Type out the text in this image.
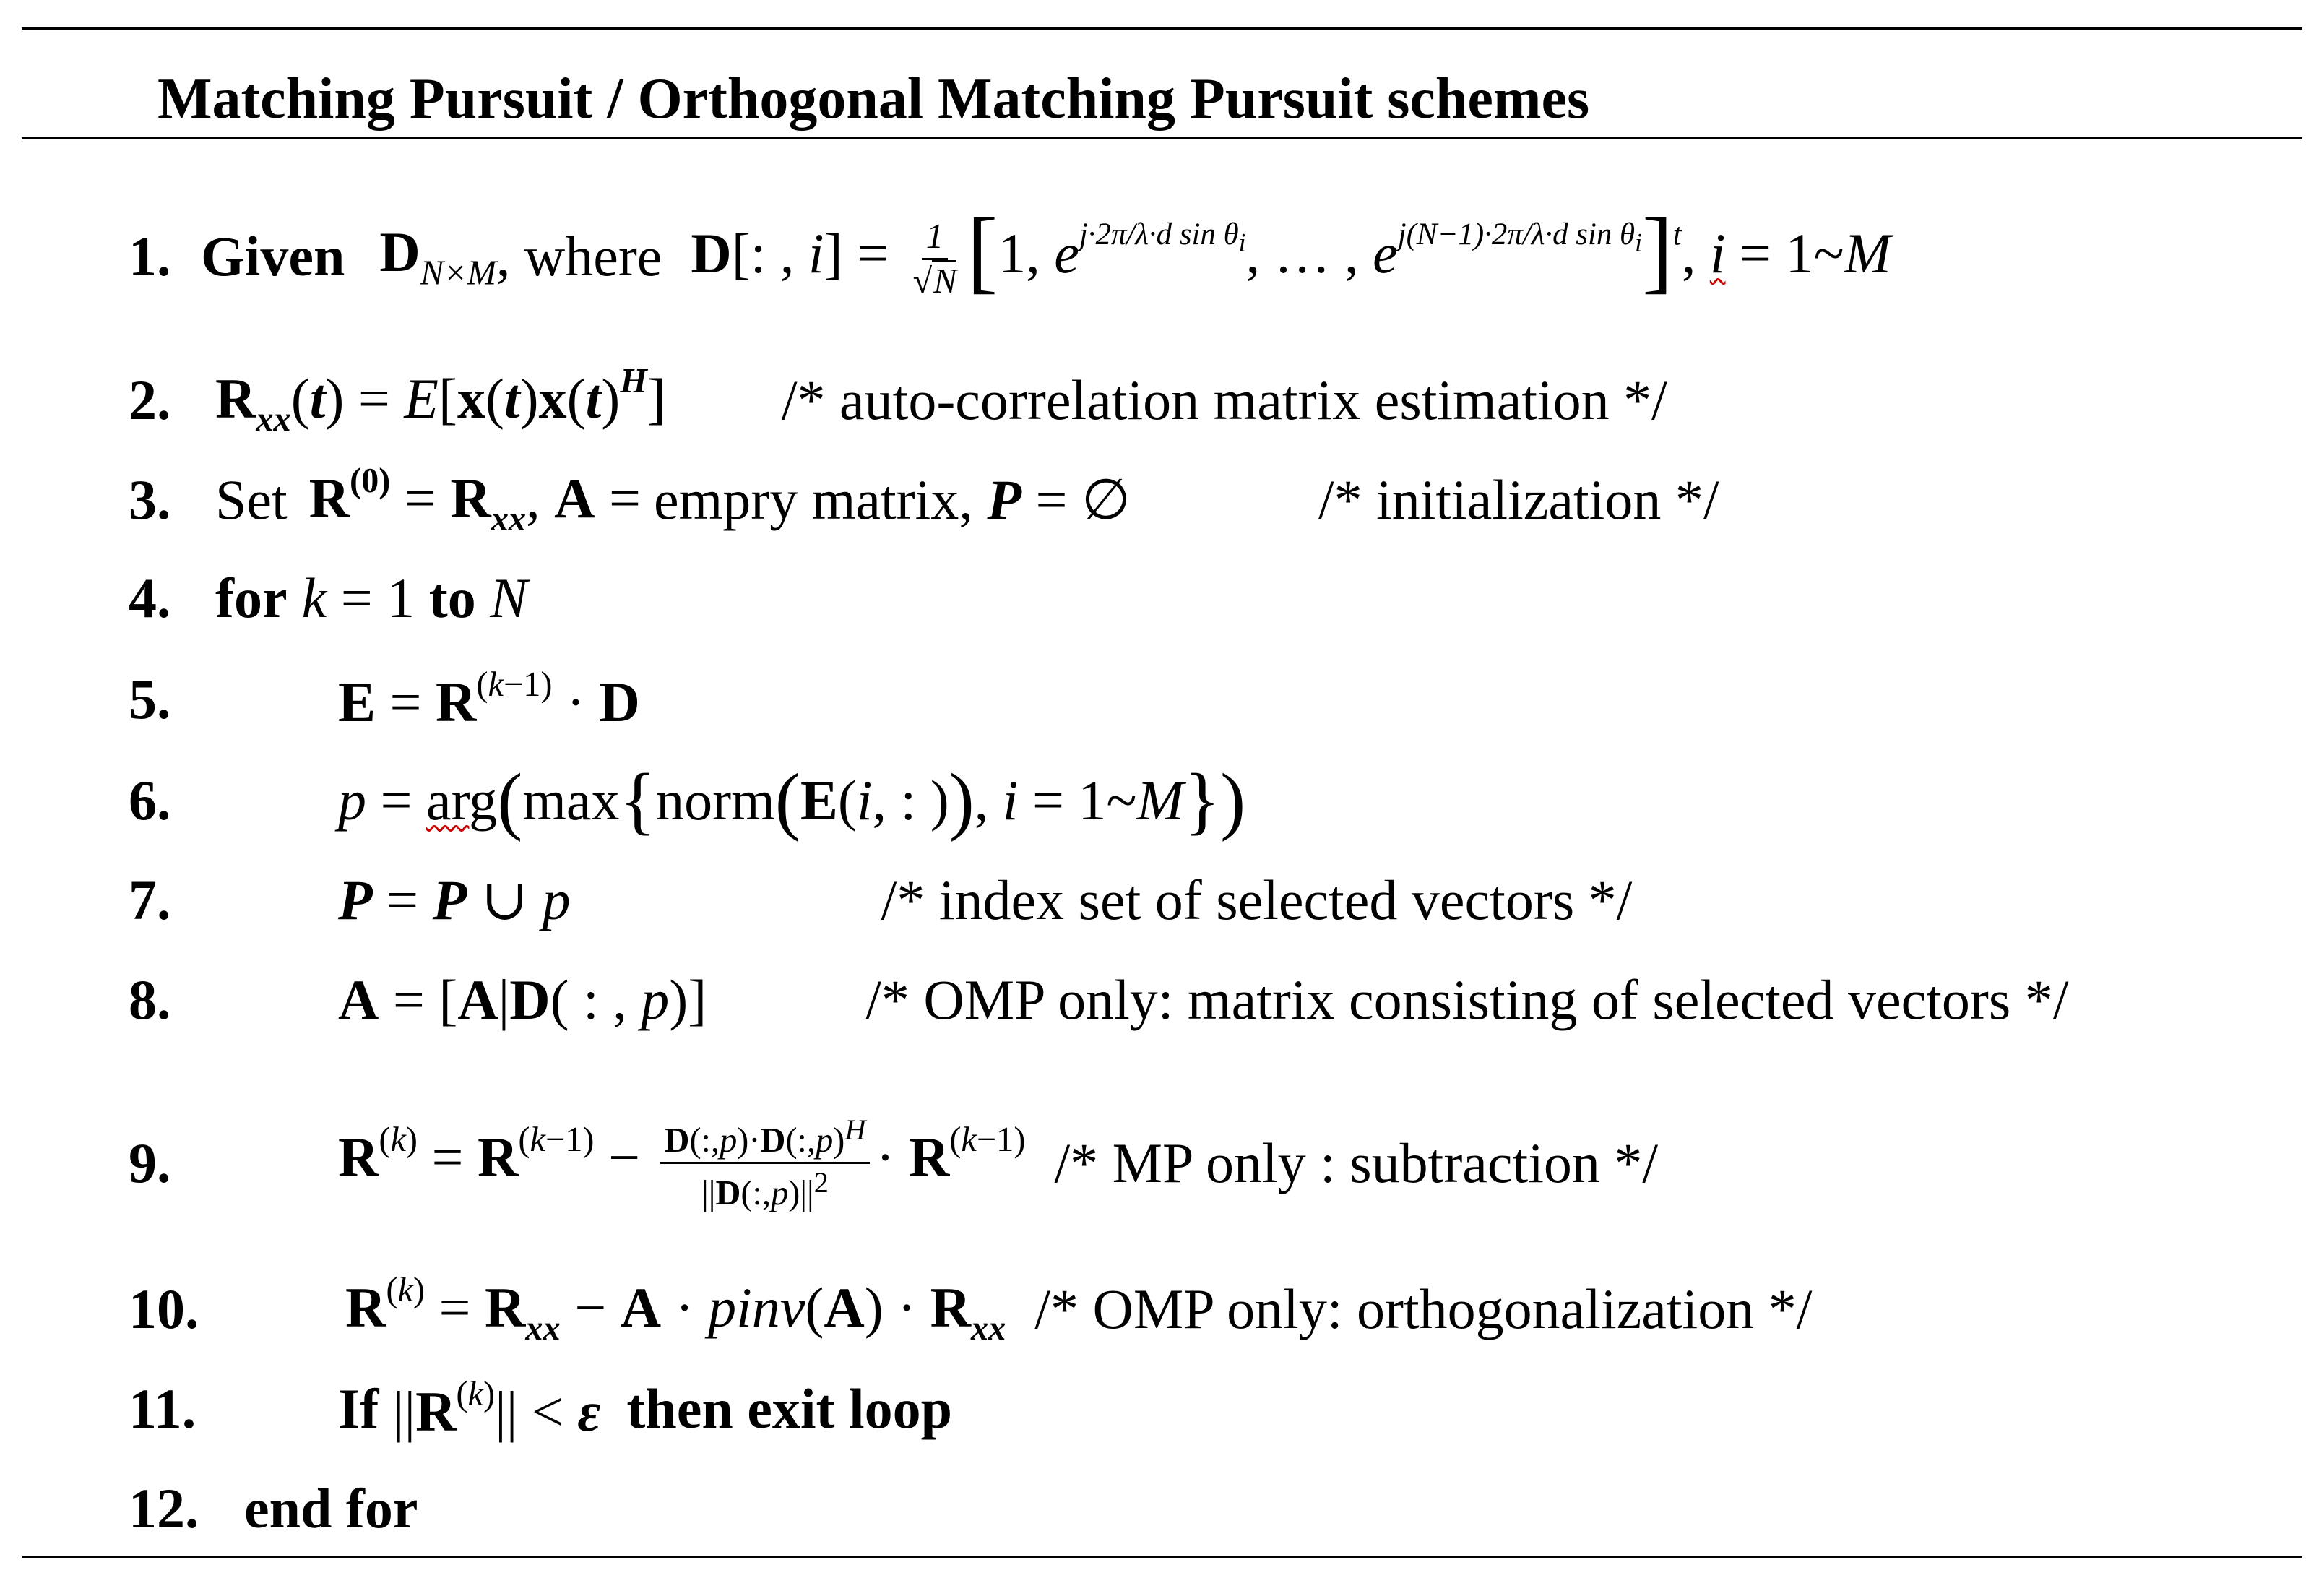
Matching Pursuit / Orthogonal Matching Pursuit schemes
1. Given $D_{N\times M}$ , where D[: , $i] = \frac{1}{√N} [1$, $e^{j\cdot 2\pi/\lambda\cdot d sin \theta_i}$, … , $e^{j(N-1)\cdot 2\pi/\lambda\cdot d sin \theta_i}]^t$, i = 1~M
2. $R_{xx}(t) = E[x(t)x(t)^H]$ /* auto-correlation matrix estimation */
3. Set $R^{(0)} = R_{xx}$, A = empry matrix , P = ∅	/* initialization */
4. for k = 1 to N
5.	$E = R^{(k-1)} \cdot D$
6.	p = arg(max{norm(E(i, : )), i = 1~M})
7.	P = P ∪ p	/* index set of selected vectors */
8.	A = [A|D( : , p)]	/* OMP only: matrix consisting of selected vectors */
9.	$R^{(k)} = R^{(k-1)} - \frac{D(:,p)\cdot D(:,p)^H}{||D(:,p)||^2} \cdot R^{(k-1)}$ /* MP only : subtraction */
10.	$R^{(k)} = R_{xx} - A$ · pinv(A) · $R_{xx}$ /* OMP only: orthogonalization */
11.	If $||R^{(k)}|| < \varepsilon$ then exit loop
12. end for
